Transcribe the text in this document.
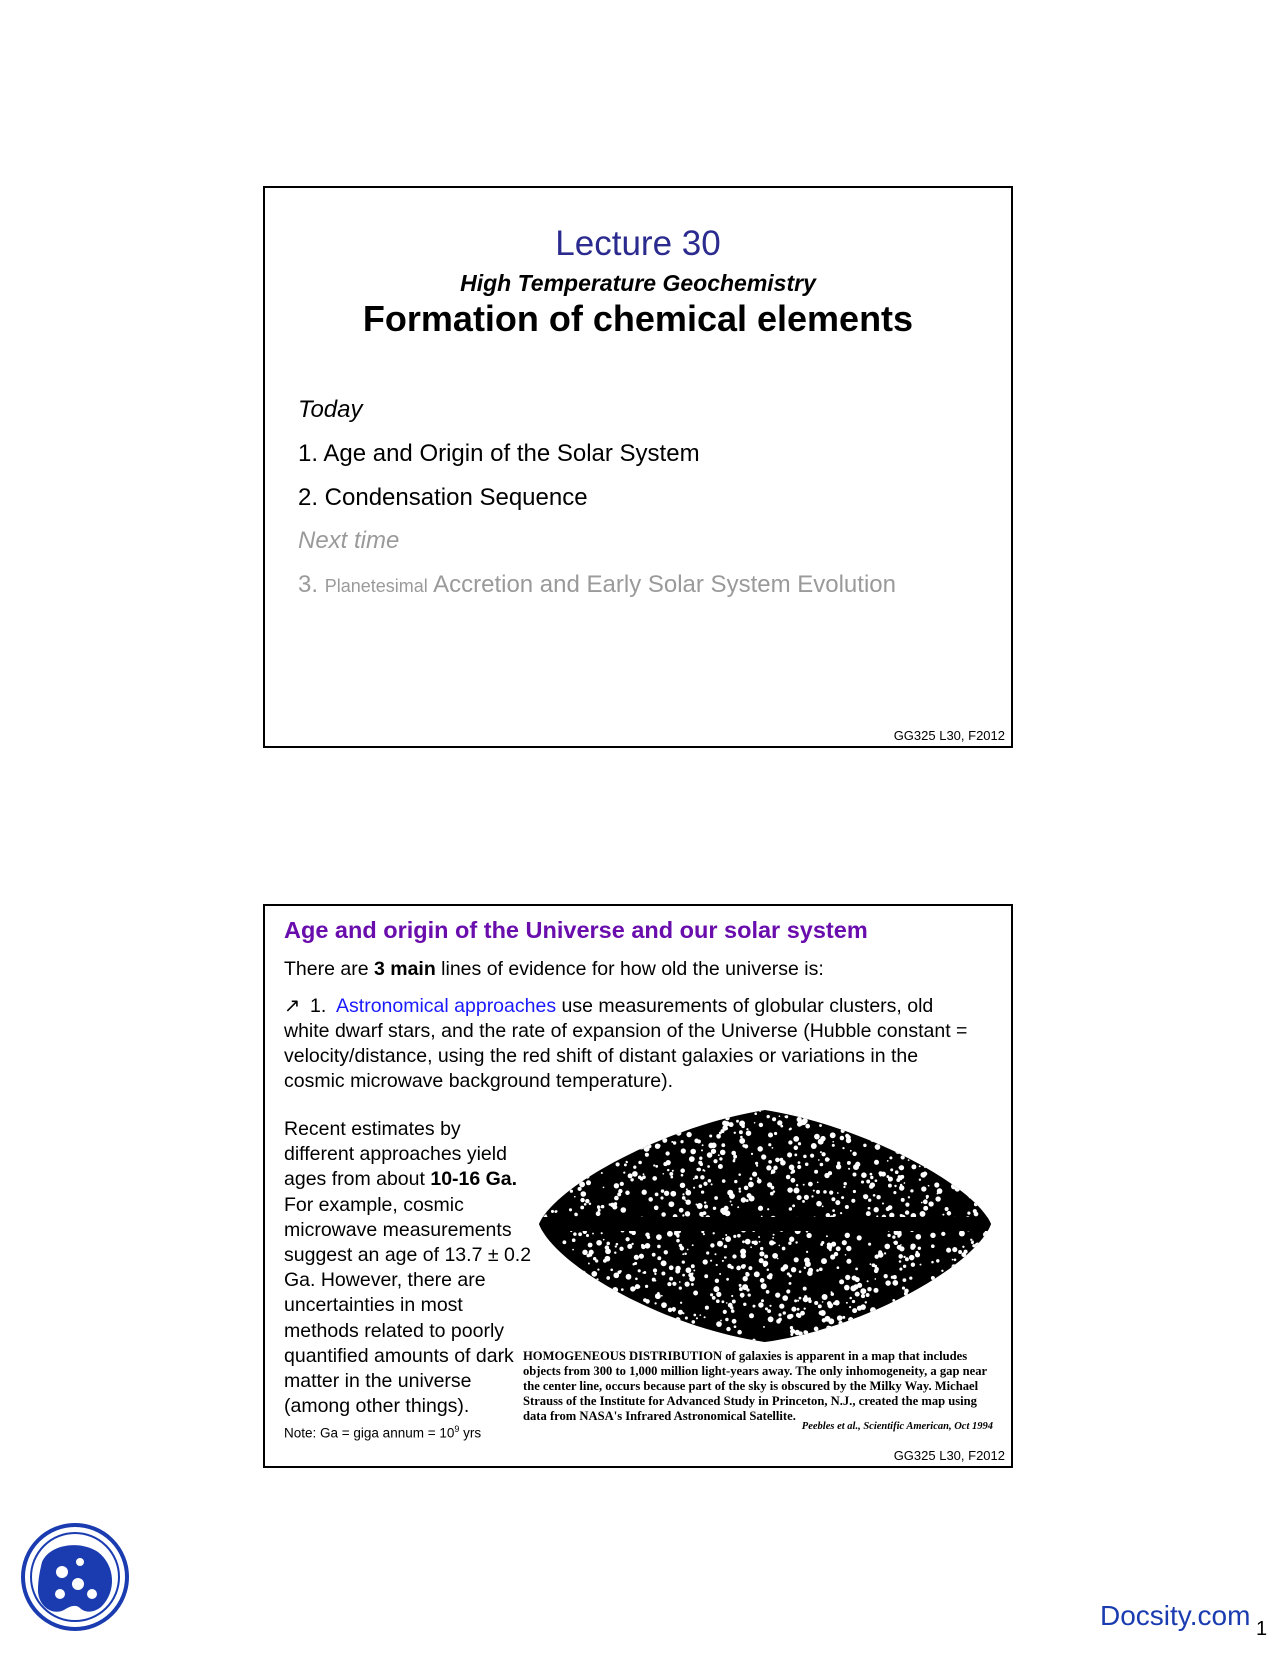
Lecture 30
High Temperature Geochemistry
Formation of chemical elements
Today
1. Age and Origin of the Solar System
2. Condensation Sequence
Next time
3. Planetesimal Accretion and Early Solar System Evolution
GG325 L30, F2012
Age and origin of the Universe and our solar system
There are 3 main lines of evidence for how old the universe is:
↗ 1. Astronomical approaches use measurements of globular clusters, old white dwarf stars, and the rate of expansion of the Universe (Hubble constant = velocity/distance, using the red shift of distant galaxies or variations in the cosmic microwave background temperature).
Recent estimates by different approaches yield ages from about 10-16 Ga. For example, cosmic microwave measurements suggest an age of 13.7 ± 0.2 Ga. However, there are uncertainties in most methods related to poorly quantified amounts of dark matter in the universe (among other things).
Note: Ga = giga annum = $10^9$ yrs
HOMOGENEOUS DISTRIBUTION of galaxies is apparent in a map that includes objects from 300 to 1,000 million light-years away. The only inhomogeneity, a gap near the center line, occurs because part of the sky is obscured by the Milky Way. Michael Strauss of the Institute for Advanced Study in Princeton, N.J., created the map using data from NASA's Infrared Astronomical Satellite.
Peebles et al., Scientific American, Oct 1994
GG325 L30, F2012
Docsity.com 1
